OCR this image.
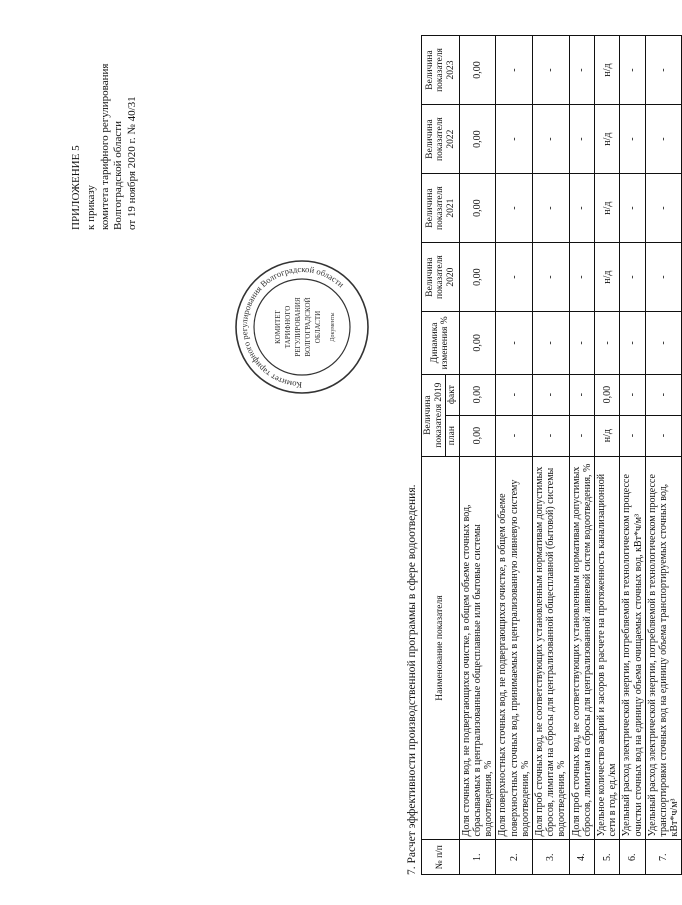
ПРИЛОЖЕНИЕ 5 к приказу комитета тарифного регулирования Волгоградской области от 19 ноября 2020 г. № 40/31
Комитет тарифного регулирования Волгоградской области
КОМИТЕТ ТАРИФНОГО РЕГУЛИРОВАНИЯ ВОЛГОГРАДСКОЙ ОБЛАСТИ Документы
7. Расчет эффективности производственной программы в сфере водоотведения. № п/п	Наименование показателя	Величина показателя 2019		Динамика изменения %	Величина показателя 2020	Величина показателя 2021	Величина показателя 2022	Величина показателя 2023
		план	факт					
1.	Доля сточных вод, не подвергающихся очистке, в общем объеме сточных вод, сбрасываемых в централизованные общесплавные или бытовые системы водоотведения, %	0,00	0,00	0,00	0,00	0,00	0,00	0,00
2.	Доля поверхностных сточных вод, не подвергающихся очистке, в общем объеме поверхностных сточных вод, принимаемых в централизованную ливневую систему водоотведения, %	-	-	-	-	-	-	-
3.	Доля проб сточных вод, не соответствующих установленным нормативам допустимых сбросов, лимитам на сбросы для централизованной общесплавной (бытовой) системы водоотведения, %	-	-	-	-	-	-	-
4.	Доля проб сточных вод, не соответствующих установленным нормативам допустимых сбросов, лимитам на сбросы для централизованной ливневой систем водоотведения, %	-	-	-	-	-	-	-
5.	Удельное количество аварий и засоров в расчете на протяженность канализационной сети в год, ед./км	н/д	0,00	-	н/д	н/д	н/д	н/д
6.	Удельный расход электрической энергии, потребляемой в технологическом процессе очистки сточных вод на единицу объема очищаемых сточных вод, кВт*ч/м³	-	-	-	-	-	-	-
7.	Удельный расход электрической энергии, потребляемой в технологическом процессе транспортировки сточных вод на единицу объема транспортируемых сточных вод, кВт*ч/м³	-	-	-	-	-	-	-
